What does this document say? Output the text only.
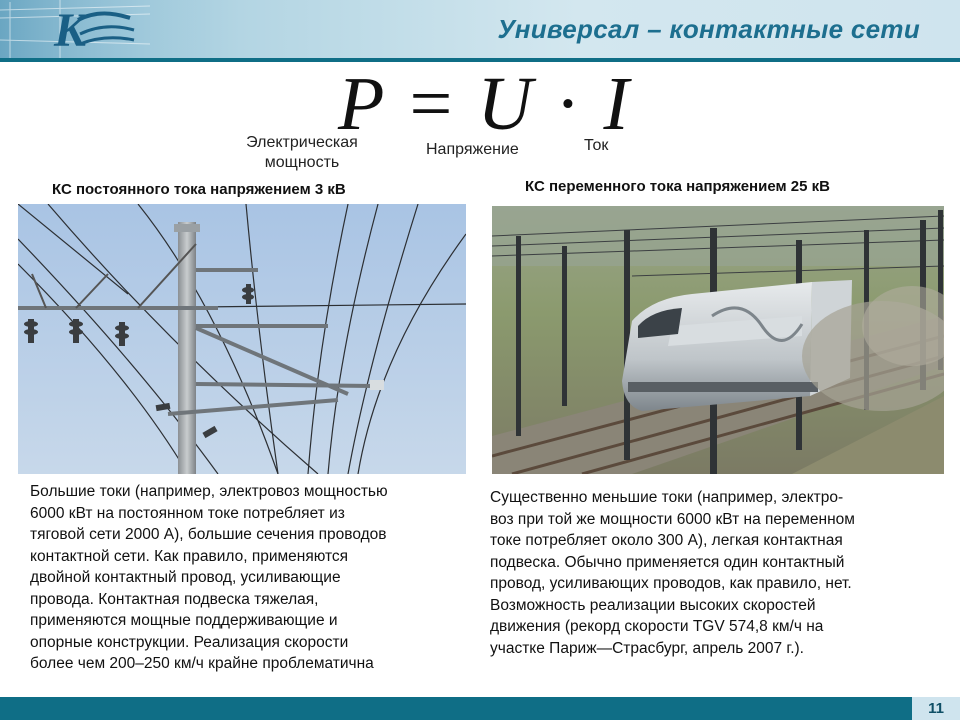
K	Универсал – контактные сети
P = U · I
Электрическая
мощность
Напряжение	Ток
КС постоянного тока напряжением 3 кВ	КС переменного тока напряжением 25 кВ
Большие токи (например, электровоз мощностью
6000 кВт на постоянном токе потребляет из
тяговой сети 2000 А), большие сечения проводов
контактной сети. Как правило, применяются
двойной контактный провод, усиливающие
провода. Контактная подвеска тяжелая,
применяются мощные поддерживающие и
опорные конструкции. Реализация скорости
более чем 200–250 км/ч крайне проблематична
Существенно меньшие токи (например, электро-
воз при той же мощности 6000 кВт на переменном
токе потребляет около 300 А), легкая контактная
подвеска. Обычно применяется один контактный
провод, усиливающих проводов, как правило, нет.
Возможность реализации высоких скоростей
движения (рекорд скорости TGV 574,8 км/ч на
участке Париж—Страсбург, апрель 2007 г.).
11
